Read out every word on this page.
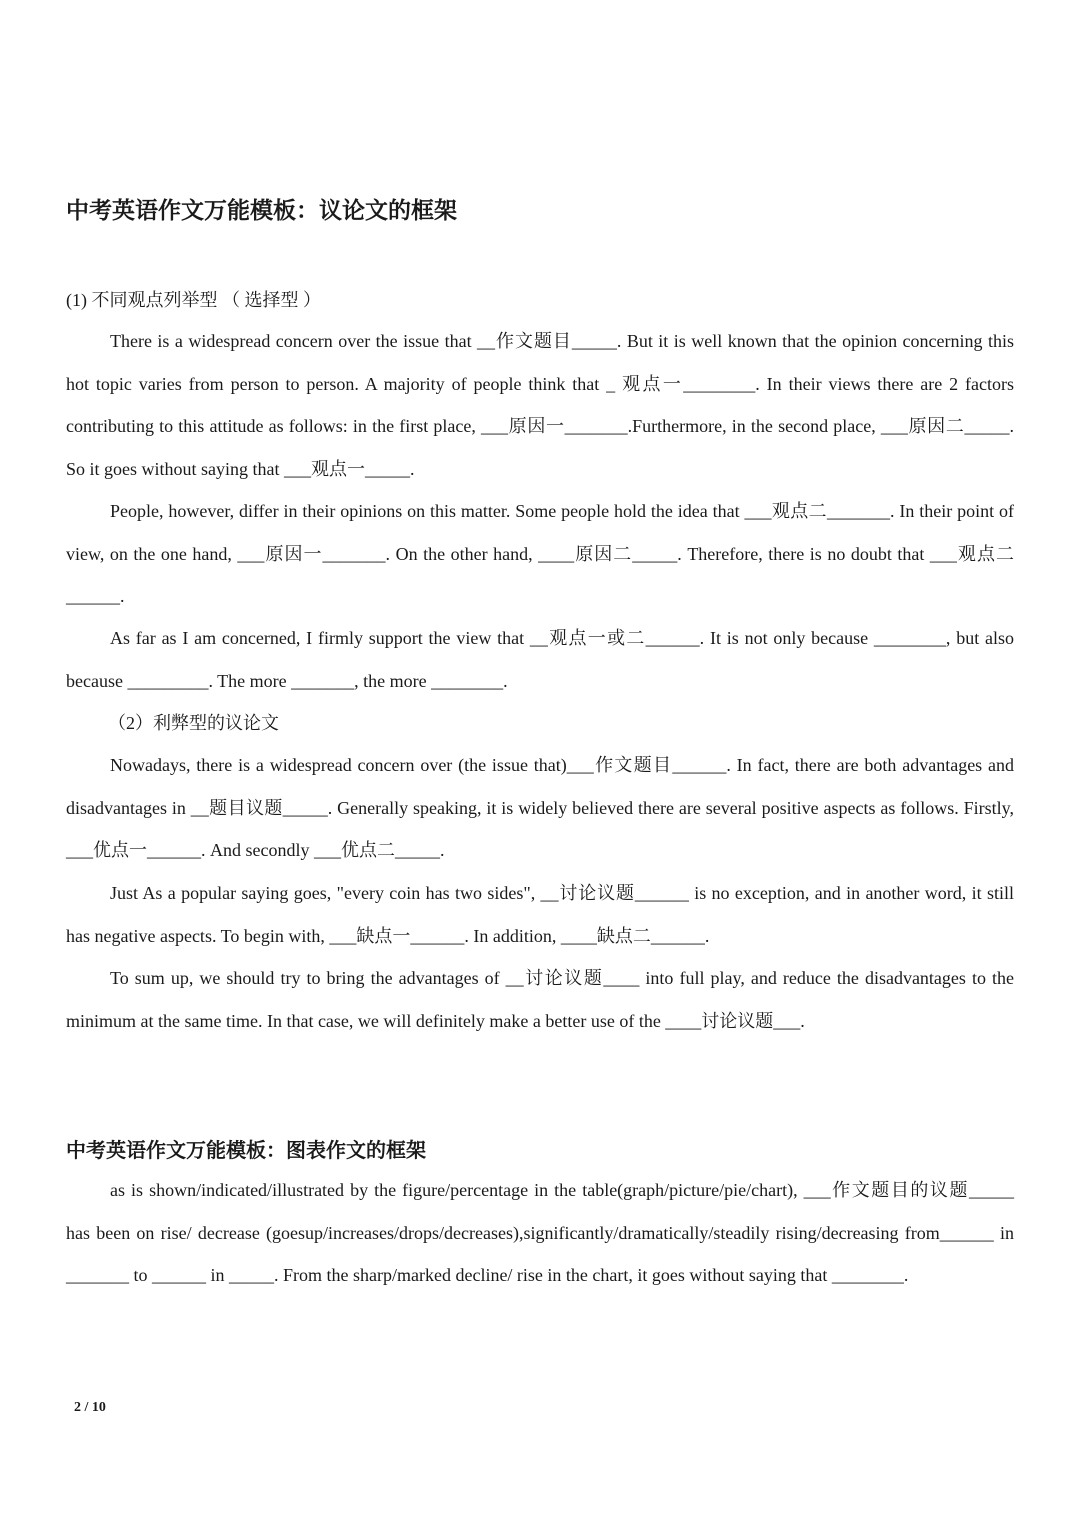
中考英语作文万能模板：议论文的框架

(1) 不同观点列举型 （ 选择型 ）

There is a widespread concern over the issue that __作文题目_____. But it is well known that the opinion concerning this hot topic varies from person to person. A majority of people think that _ 观点一________. In their views there are 2 factors contributing to this attitude as follows: in the first place, ___原因一_______.Furthermore, in the second place, ___原因二_____. So it goes without saying that ___观点一_____.

People, however, differ in their opinions on this matter. Some people hold the idea that ___观点二_______. In their point of view, on the one hand, ___原因一_______. On the other hand, ____原因二_____. Therefore, there is no doubt that ___观点二______.

As far as I am concerned, I firmly support the view that __观点一或二______. It is not only because ________, but also because _________. The more _______, the more ________.

（2）利弊型的议论文

Nowadays, there is a widespread concern over (the issue that)___作文题目______. In fact, there are both advantages and disadvantages in __题目议题_____. Generally speaking, it is widely believed there are several positive aspects as follows. Firstly, ___优点一______. And secondly ___优点二_____.

Just As a popular saying goes, "every coin has two sides", __讨论议题______ is no exception, and in another word, it still has negative aspects. To begin with, ___缺点一______. In addition, ____缺点二______.

To sum up, we should try to bring the advantages of __讨论议题____ into full play, and reduce the disadvantages to the minimum at the same time. In that case, we will definitely make a better use of the ____讨论议题___.

中考英语作文万能模板：图表作文的框架

as is shown/indicated/illustrated by the figure/percentage in the table(graph/picture/pie/chart), ___作文题目的议题_____ has been on rise/ decrease (goesup/increases/drops/decreases),significantly/dramatically/steadily rising/decreasing from______ in _______ to ______ in _____. From the sharp/marked decline/ rise in the chart, it goes without saying that ________.

2 / 10
